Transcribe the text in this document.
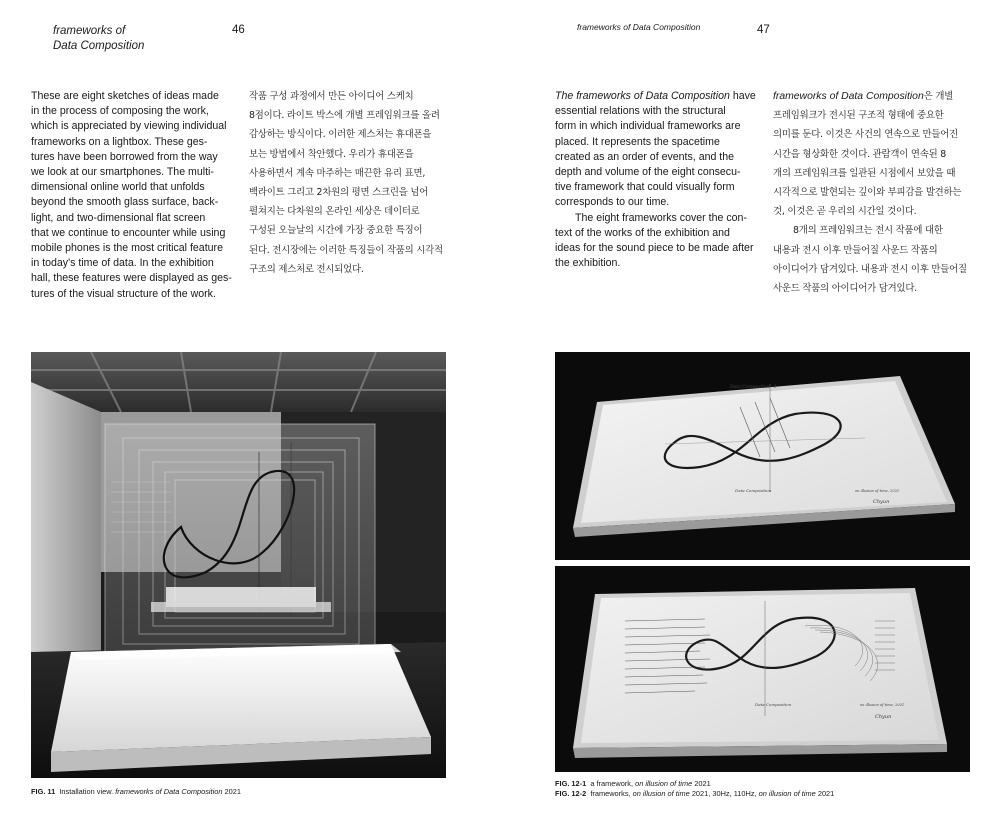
frameworks of
Data Composition
46	frameworks of Data Composition	47

These are eight sketches of ideas made
in the process of composing the work,
which is appreciated by viewing individual
frameworks on a lightbox. These ges-
tures have been borrowed from the way
we look at our smartphones. The multi-
dimensional online world that unfolds
beyond the smooth glass surface, back-
light, and two-dimensional flat screen
that we continue to encounter while using
mobile phones is the most critical feature
in today's time of data. In the exhibition
hall, these features were displayed as ges-
tures of the visual structure of the work.

작품 구성 과정에서 만든 아이디어 스케치
8점이다. 라이트 박스에 개별 프레임워크를 올려
감상하는 방식이다. 이러한 제스처는 휴대폰을
보는 방법에서 착안했다. 우리가 휴대폰을
사용하면서 계속 마주하는 매끈한 유리 표면,
백라이트 그리고 2차원의 평면 스크린을 넘어
펼쳐지는 다차원의 온라인 세상은 데이터로
구성된 오늘날의 시간에 가장 중요한 특징이
된다. 전시장에는 이러한 특징들이 작품의 시각적
구조의 제스처로 전시되었다.

The frameworks of Data Composition have
essential relations with the structural
form in which individual frameworks are
placed. It represents the spacetime
created as an order of events, and the
depth and volume of the eight consecu-
tive framework that could visually form
corresponds to our time.

The eight frameworks cover the con-
text of the works of the exhibition and
ideas for the sound piece to be made after
the exhibition.

frameworks of Data Composition은 개별
프레임워크가 전시된 구조적 형태에 중요한
의미를 둔다. 이것은 사건의 연속으로 만들어진
시간을 형상화한 것이다. 관람객이 연속된 8
개의 프레임워크를 일관된 시점에서 보았을 때
시각적으로 발현되는 깊이와 부피감을 발견하는
것, 이것은 곧 우리의 시간일 것이다.

8개의 프레임워크는 전시 작품에 대한
내용과 전시 이후 만들어질 사운드 작품의
아이디어가 담겨있다. 내용과 전시 이후 만들어질
사운드 작품의 아이디어가 담겨있다.

Data Composition -1
Data Composition	on illusion of time, 2021
Chyun
Data Composition	on illusion of time, 2021
Chyun
FIG. 11 Installation view. frameworks of Data Composition 2021
FIG. 12-1 a framework, on illusion of time 2021
FIG. 12-2 frameworks, on illusion of time 2021, 30Hz, 110Hz, on illusion of time 2021
